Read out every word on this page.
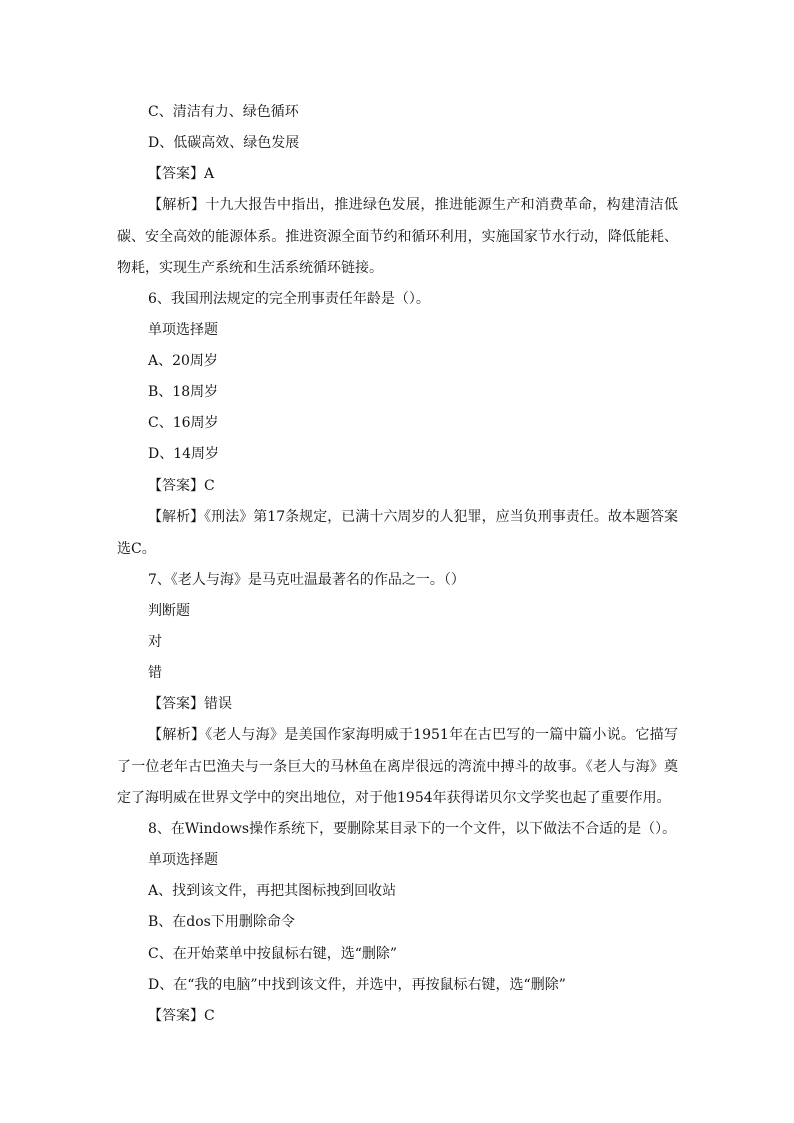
C、清洁有力、绿色循环
D、低碳高效、绿色发展
【答案】A
【解析】十九大报告中指出，推进绿色发展，推进能源生产和消费革命，构建清洁低碳、安全高效的能源体系。推进资源全面节约和循环利用，实施国家节水行动，降低能耗、物耗，实现生产系统和生活系统循环链接。
6、我国刑法规定的完全刑事责任年龄是（）。
单项选择题
A、20周岁
B、18周岁
C、16周岁
D、14周岁
【答案】C
【解析】《刑法》第17条规定，已满十六周岁的人犯罪，应当负刑事责任。故本题答案选C。
7、《老人与海》是马克吐温最著名的作品之一。（）
判断题
对
错
【答案】错误
【解析】《老人与海》是美国作家海明威于1951年在古巴写的一篇中篇小说。它描写了一位老年古巴渔夫与一条巨大的马林鱼在离岸很远的湾流中搏斗的故事。《老人与海》奠定了海明威在世界文学中的突出地位，对于他1954年获得诺贝尔文学奖也起了重要作用。
8、在Windows操作系统下，要删除某目录下的一个文件，以下做法不合适的是（）。
单项选择题
A、找到该文件，再把其图标拽到回收站
B、在dos下用删除命令
C、在开始菜单中按鼠标右键，选“删除”
D、在“我的电脑”中找到该文件，并选中，再按鼠标右键，选“删除”
【答案】C
